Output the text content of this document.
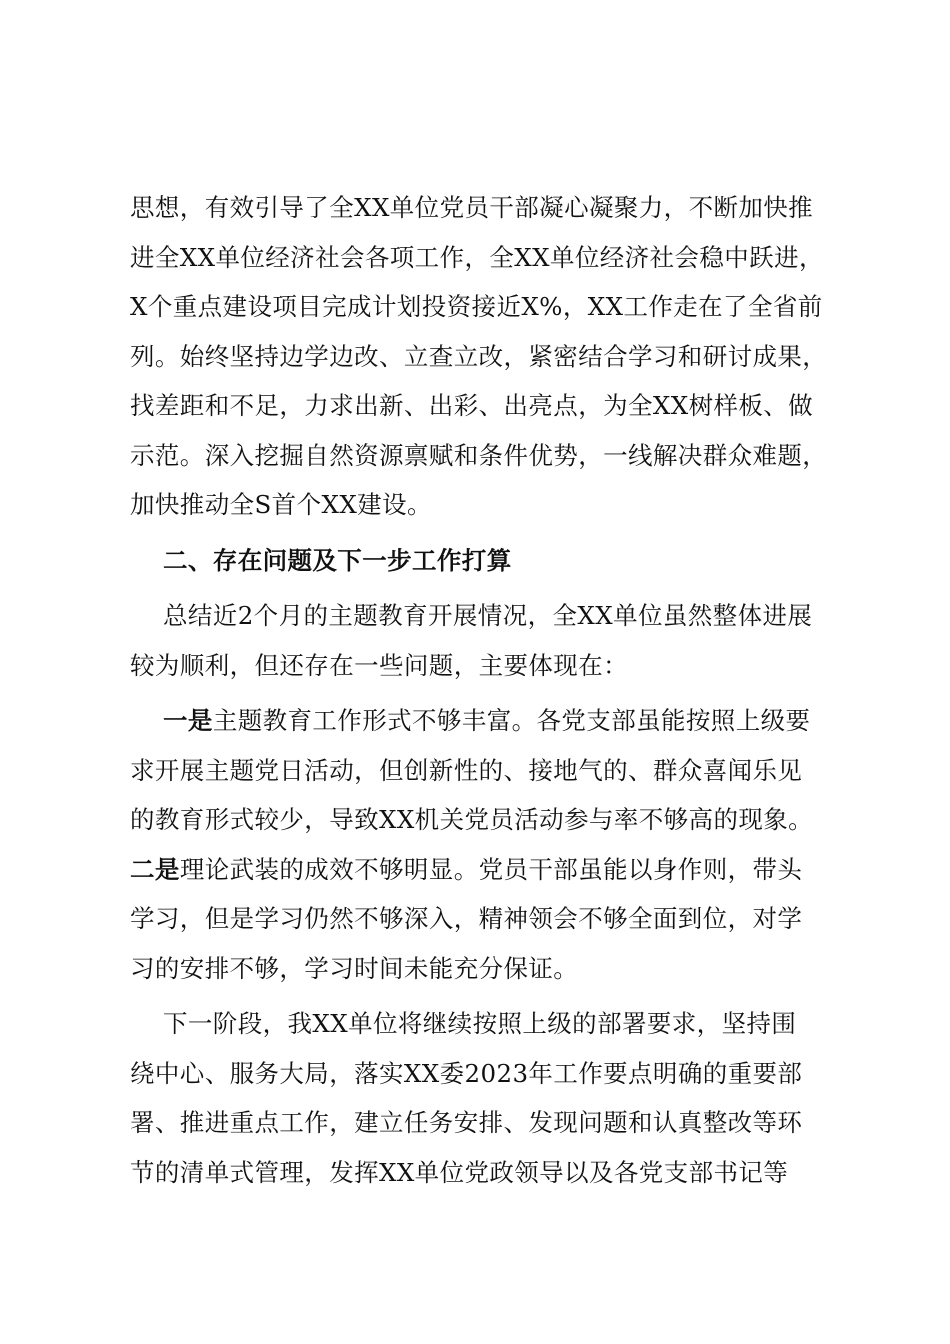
思想，有效引导了全XX单位党员干部凝心凝聚力，不断加快推
进全XX单位经济社会各项工作，全XX单位经济社会稳中跃进，
X个重点建设项目完成计划投资接近X%，XX工作走在了全省前
列。始终坚持边学边改、立查立改，紧密结合学习和研讨成果，
找差距和不足，力求出新、出彩、出亮点，为全XX树样板、做
示范。深入挖掘自然资源禀赋和条件优势，一线解决群众难题，
加快推动全S首个XX建设。

二、存在问题及下一步工作打算

总结近2个月的主题教育开展情况，全XX单位虽然整体进展
较为顺利，但还存在一些问题，主要体现在：

一是主题教育工作形式不够丰富。各党支部虽能按照上级要
求开展主题党日活动，但创新性的、接地气的、群众喜闻乐见
的教育形式较少，导致XX机关党员活动参与率不够高的现象。

二是理论武装的成效不够明显。党员干部虽能以身作则，带头
学习，但是学习仍然不够深入，精神领会不够全面到位，对学
习的安排不够，学习时间未能充分保证。

下一阶段，我XX单位将继续按照上级的部署要求，坚持围
绕中心、服务大局，落实XX委2023年工作要点明确的重要部
署、推进重点工作，建立任务安排、发现问题和认真整改等环
节的清单式管理，发挥XX单位党政领导以及各党支部书记等
